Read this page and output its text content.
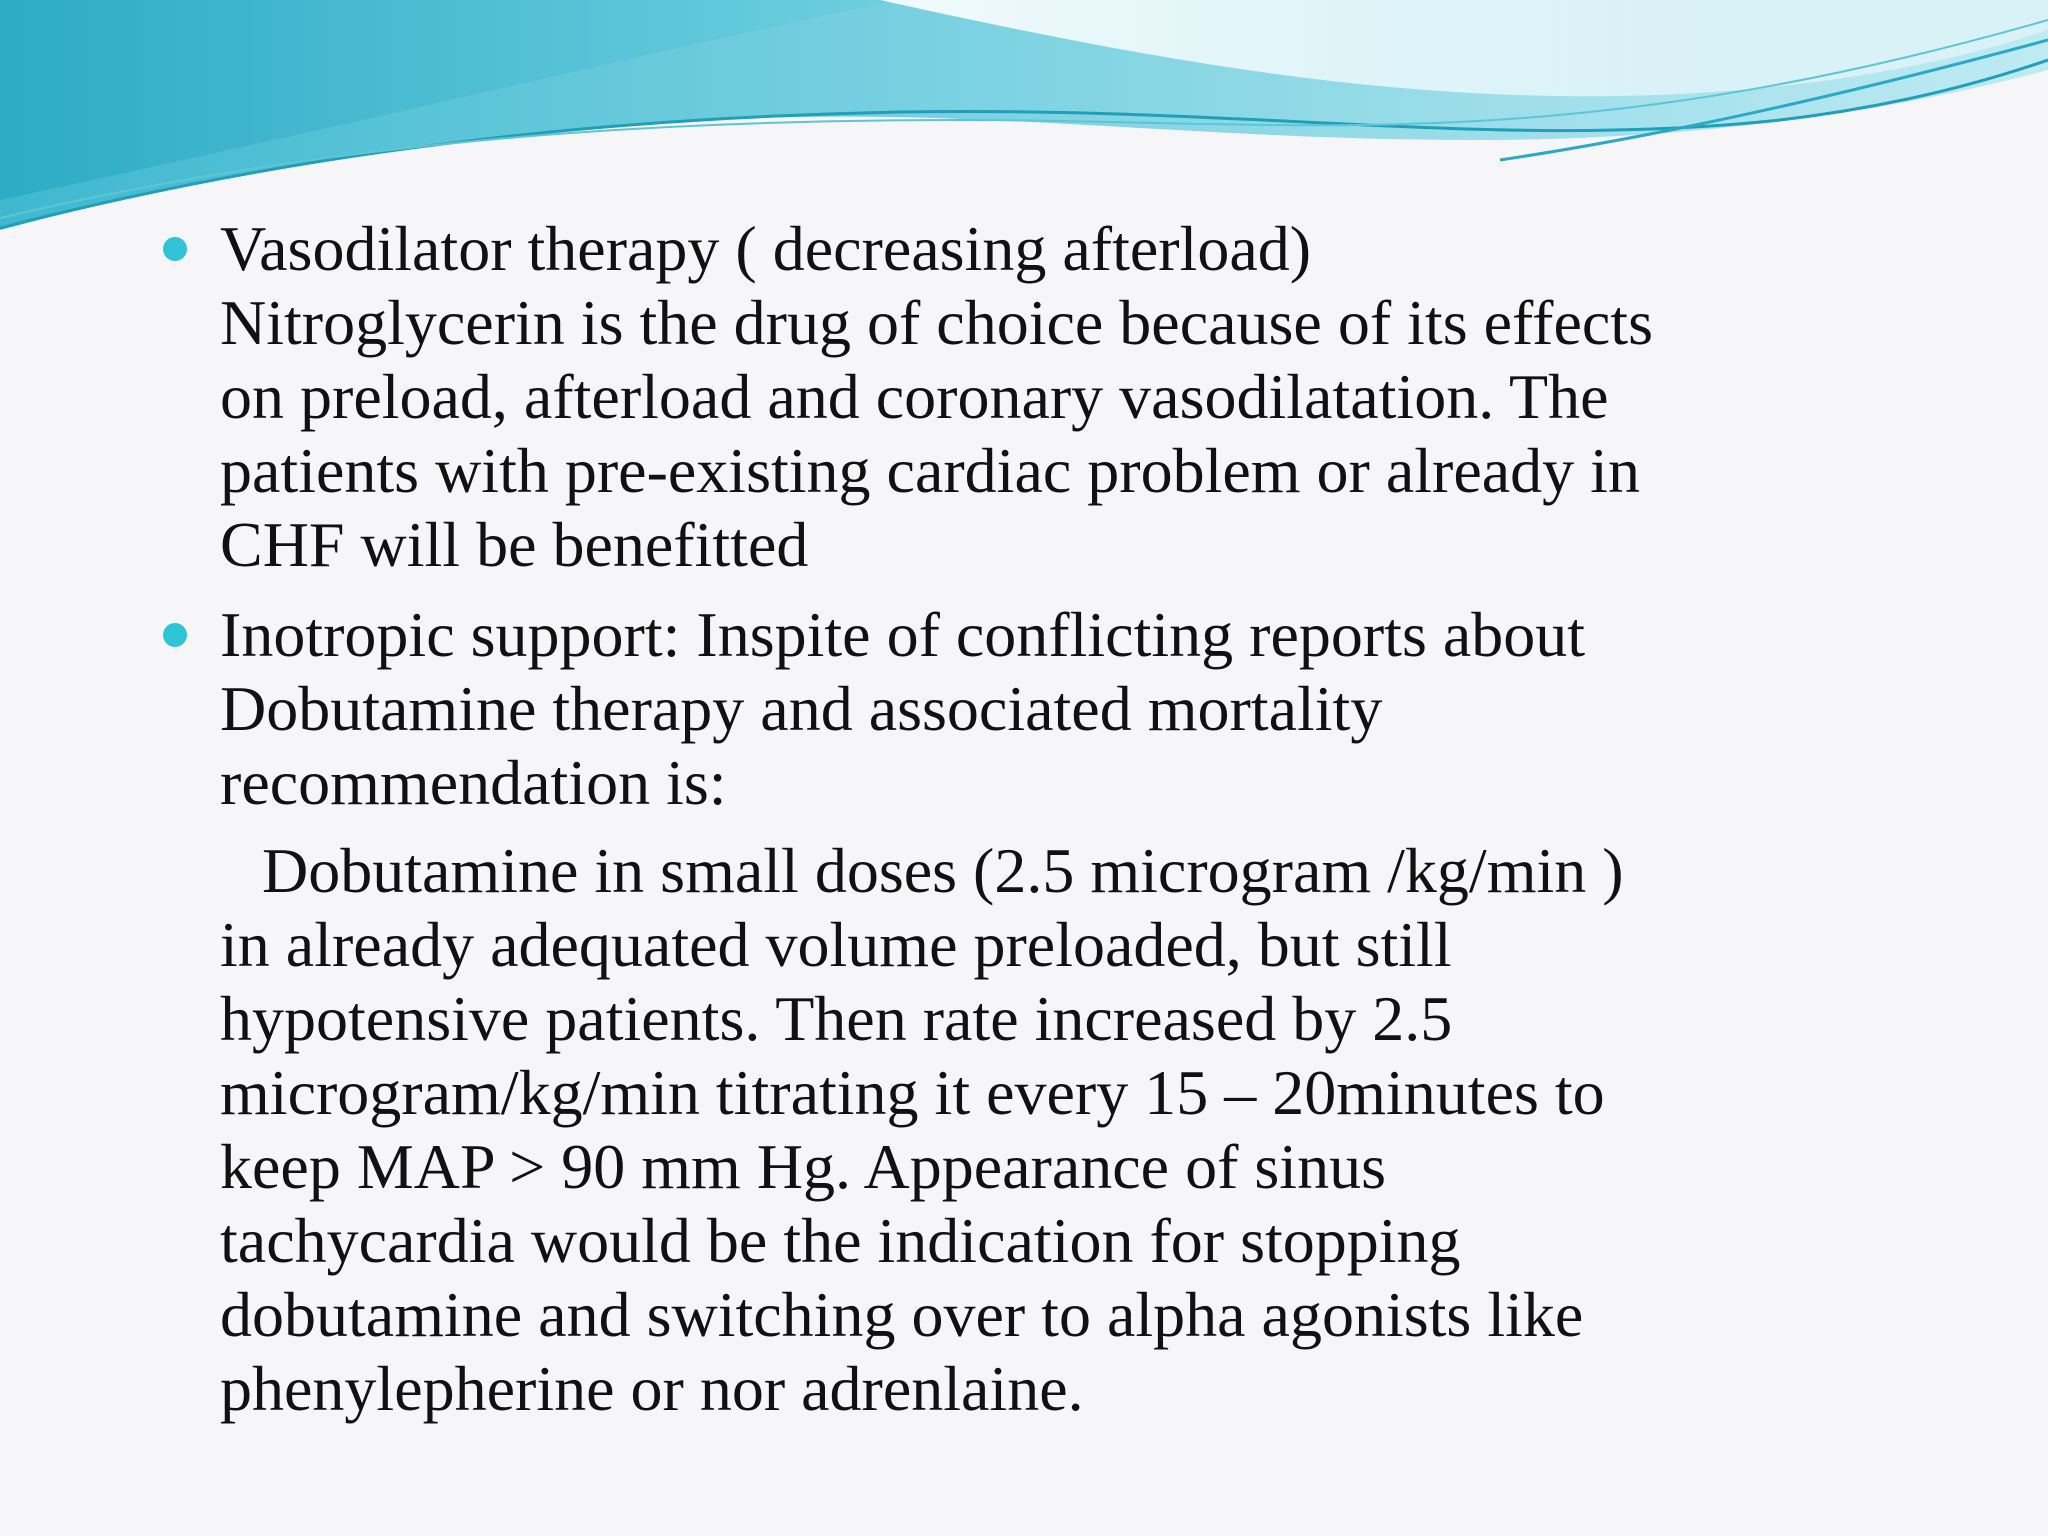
Vasodilator therapy ( decreasing afterload)
Nitroglycerin is the drug of choice because of its effects
on preload, afterload and coronary vasodilatation. The
patients with pre-existing cardiac problem or already in
CHF will be benefitted
Inotropic support: Inspite of conflicting reports about
Dobutamine therapy and associated mortality
recommendation is:
Dobutamine in small doses (2.5 microgram /kg/min )
in already adequated volume preloaded, but still
hypotensive patients. Then rate increased by 2.5
microgram/kg/min titrating it every 15 – 20minutes to
keep MAP > 90 mm Hg. Appearance of sinus
tachycardia would be the indication for stopping
dobutamine and switching over to alpha agonists like
phenylepherine or nor adrenlaine.
